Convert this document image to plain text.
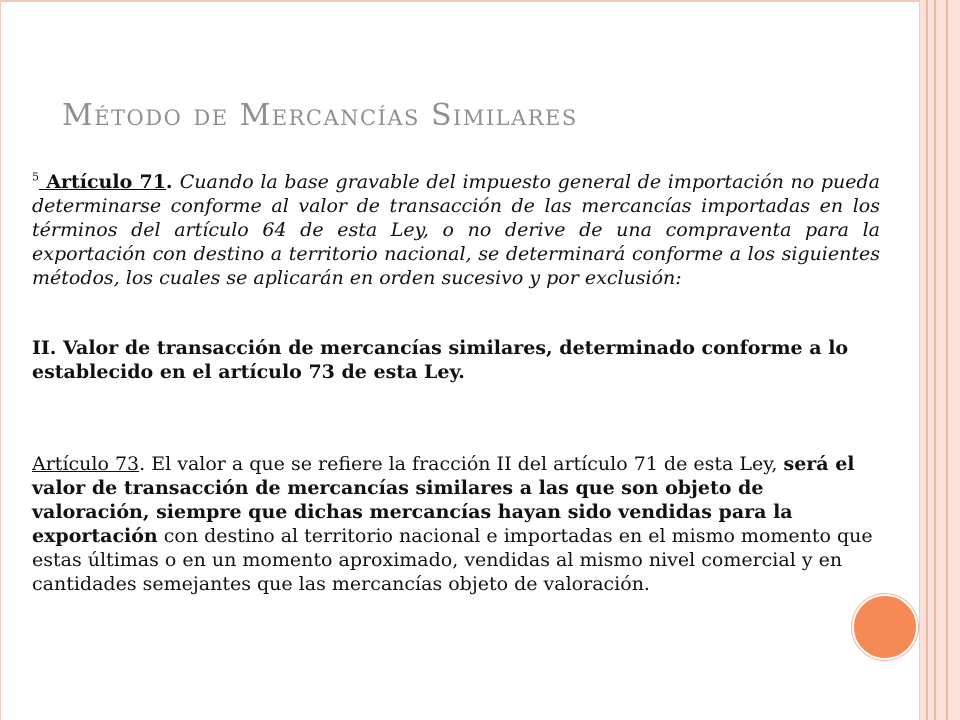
Método de Mercancías Similares
$^5$ Artículo 71. Cuando la base gravable del impuesto general de importación no pueda determinarse conforme al valor de transacción de las mercancías importadas en los términos del artículo 64 de esta Ley, o no derive de una compraventa para la exportación con destino a territorio nacional, se determinará conforme a los siguientes métodos, los cuales se aplicarán en orden sucesivo y por exclusión:
II. Valor de transacción de mercancías similares, determinado conforme a lo establecido en el artículo 73 de esta Ley.
Artículo 73. El valor a que se refiere la fracción II del artículo 71 de esta Ley, será el valor de transacción de mercancías similares a las que son objeto de valoración, siempre que dichas mercancías hayan sido vendidas para la exportación con destino al territorio nacional e importadas en el mismo momento que estas últimas o en un momento aproximado, vendidas al mismo nivel comercial y en cantidades semejantes que las mercancías objeto de valoración.
